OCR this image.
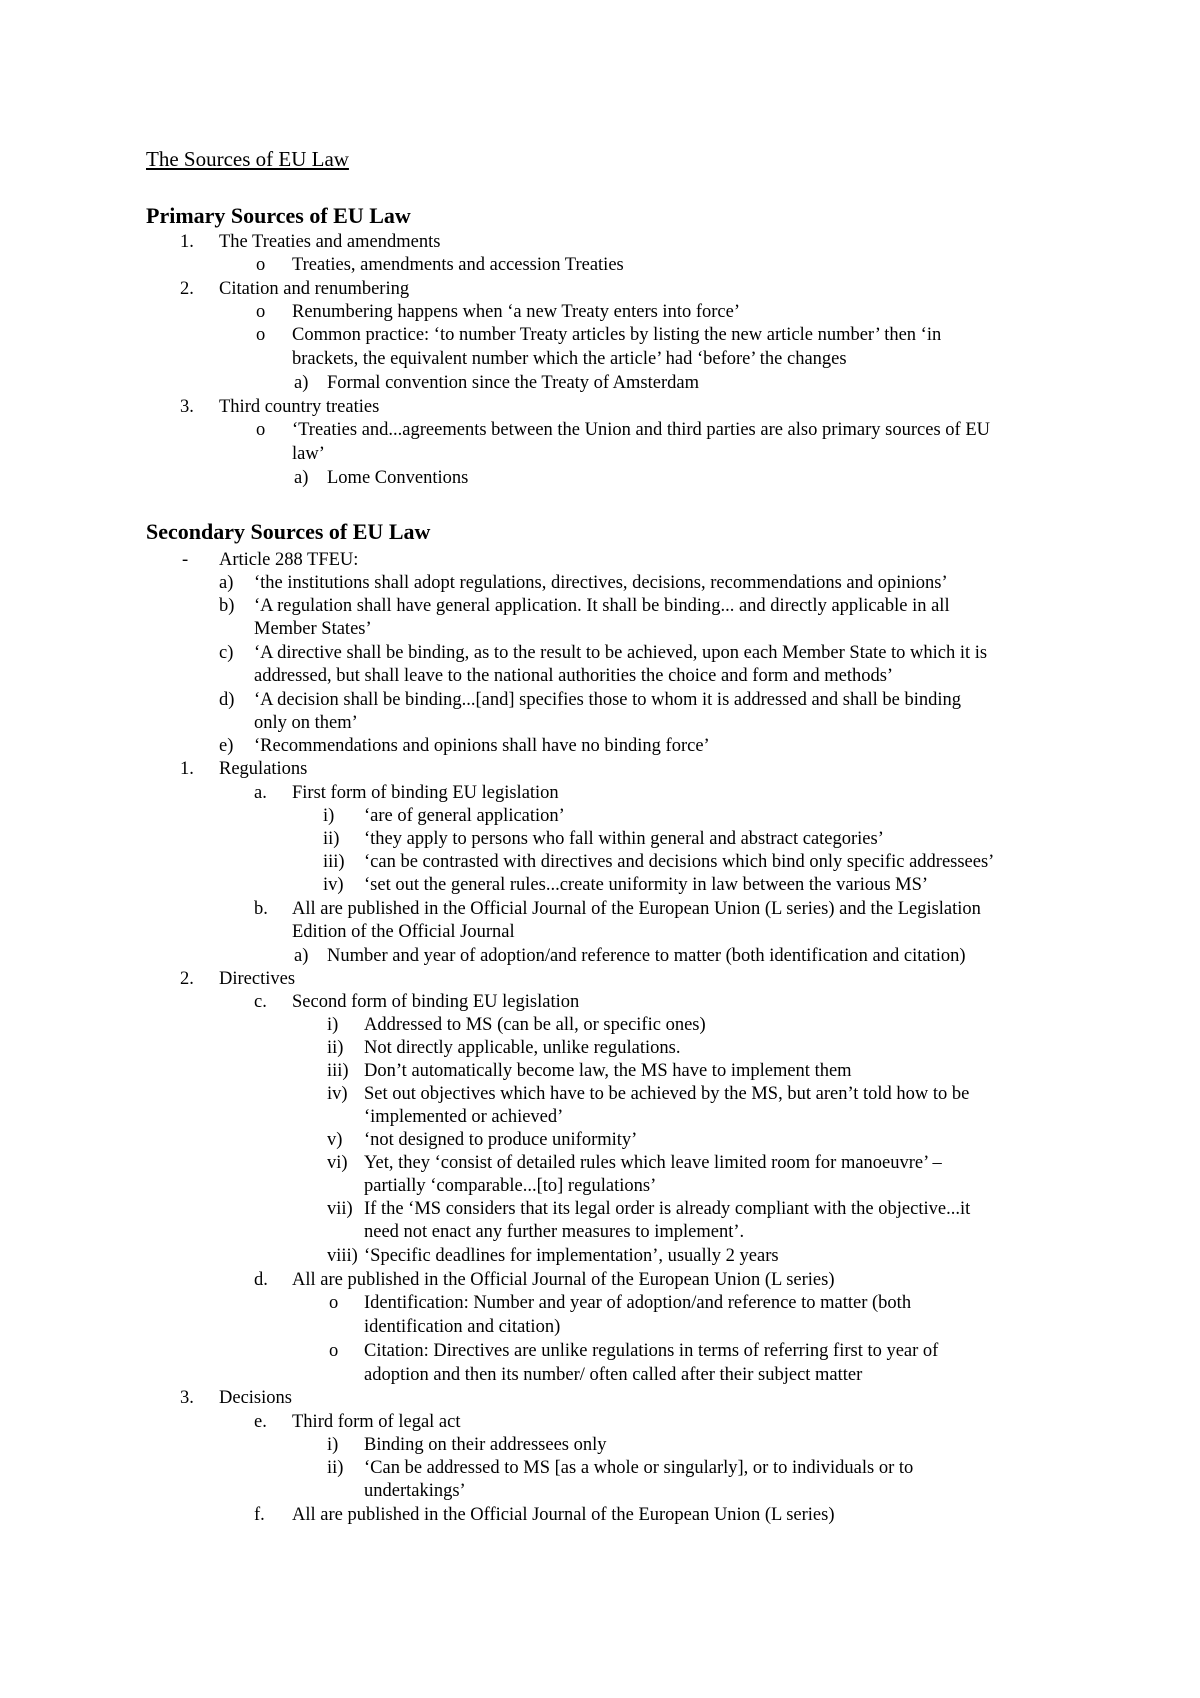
The Sources of EU Law
Primary Sources of EU Law
1. The Treaties and amendments
o Treaties, amendments and accession Treaties
2. Citation and renumbering
o Renumbering happens when ‘a new Treaty enters into force’
o Common practice: ‘to number Treaty articles by listing the new article number’ then ‘in
brackets, the equivalent number which the article’ had ‘before’ the changes
a) Formal convention since the Treaty of Amsterdam
3. Third country treaties
o ‘Treaties and...agreements between the Union and third parties are also primary sources of EU
law’
a) Lome Conventions
Secondary Sources of EU Law
- Article 288 TFEU:
a) ‘the institutions shall adopt regulations, directives, decisions, recommendations and opinions’
b) ‘A regulation shall have general application. It shall be binding... and directly applicable in all
Member States’
c) ‘A directive shall be binding, as to the result to be achieved, upon each Member State to which it is
addressed, but shall leave to the national authorities the choice and form and methods’
d) ‘A decision shall be binding...[and] specifies those to whom it is addressed and shall be binding
only on them’
e) ‘Recommendations and opinions shall have no binding force’
1. Regulations
a. First form of binding EU legislation
i) ‘are of general application’
ii) ‘they apply to persons who fall within general and abstract categories’
iii) ‘can be contrasted with directives and decisions which bind only specific addressees’
iv) ‘set out the general rules...create uniformity in law between the various MS’
b. All are published in the Official Journal of the European Union (L series) and the Legislation
Edition of the Official Journal
a) Number and year of adoption/and reference to matter (both identification and citation)
2. Directives
c. Second form of binding EU legislation
i) Addressed to MS (can be all, or specific ones)
ii) Not directly applicable, unlike regulations.
iii) Don’t automatically become law, the MS have to implement them
iv) Set out objectives which have to be achieved by the MS, but aren’t told how to be
‘implemented or achieved’
v) ‘not designed to produce uniformity’
vi) Yet, they ‘consist of detailed rules which leave limited room for manoeuvre’ –
partially ‘comparable...[to] regulations’
vii) If the ‘MS considers that its legal order is already compliant with the objective...it
need not enact any further measures to implement’.
viii) ‘Specific deadlines for implementation’, usually 2 years
d. All are published in the Official Journal of the European Union (L series)
o Identification: Number and year of adoption/and reference to matter (both
identification and citation)
o Citation: Directives are unlike regulations in terms of referring first to year of
adoption and then its number/ often called after their subject matter
3. Decisions
e. Third form of legal act
i) Binding on their addressees only
ii) ‘Can be addressed to MS [as a whole or singularly], or to individuals or to
undertakings’
f. All are published in the Official Journal of the European Union (L series)
